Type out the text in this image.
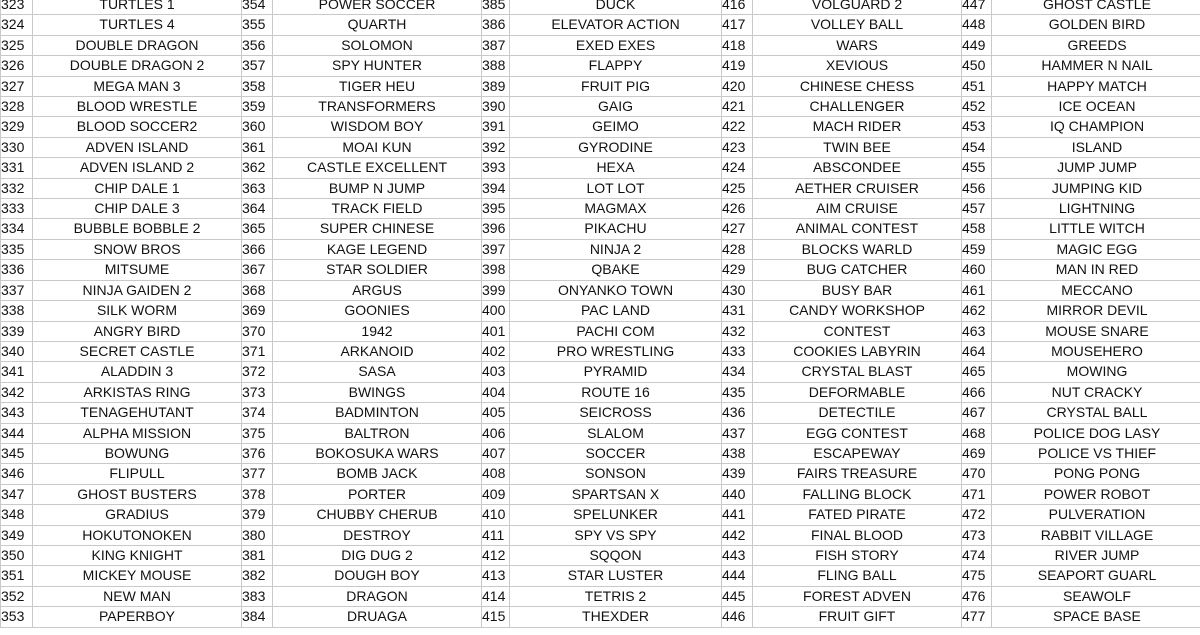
323	TURTLES 1	354	POWER SOCCER	385	DUCK	416	VOLGUARD 2	447	GHOST CASTLE
324	TURTLES 4	355	QUARTH	386	ELEVATOR ACTION	417	VOLLEY BALL	448	GOLDEN BIRD
325	DOUBLE DRAGON	356	SOLOMON	387	EXED EXES	418	WARS	449	GREEDS
326	DOUBLE DRAGON 2	357	SPY HUNTER	388	FLAPPY	419	XEVIOUS	450	HAMMER N NAIL
327	MEGA MAN 3	358	TIGER HEU	389	FRUIT PIG	420	CHINESE CHESS	451	HAPPY MATCH
328	BLOOD WRESTLE	359	TRANSFORMERS	390	GAIG	421	CHALLENGER	452	ICE OCEAN
329	BLOOD SOCCER2	360	WISDOM BOY	391	GEIMO	422	MACH RIDER	453	IQ CHAMPION
330	ADVEN ISLAND	361	MOAI KUN	392	GYRODINE	423	TWIN BEE	454	ISLAND
331	ADVEN ISLAND 2	362	CASTLE EXCELLENT	393	HEXA	424	ABSCONDEE	455	JUMP JUMP
332	CHIP DALE 1	363	BUMP N JUMP	394	LOT LOT	425	AETHER CRUISER	456	JUMPING KID
333	CHIP DALE 3	364	TRACK FIELD	395	MAGMAX	426	AIM CRUISE	457	LIGHTNING
334	BUBBLE BOBBLE 2	365	SUPER CHINESE	396	PIKACHU	427	ANIMAL CONTEST	458	LITTLE WITCH
335	SNOW BROS	366	KAGE LEGEND	397	NINJA 2	428	BLOCKS WARLD	459	MAGIC EGG
336	MITSUME	367	STAR SOLDIER	398	QBAKE	429	BUG CATCHER	460	MAN IN RED
337	NINJA GAIDEN 2	368	ARGUS	399	ONYANKO TOWN	430	BUSY BAR	461	MECCANO
338	SILK WORM	369	GOONIES	400	PAC LAND	431	CANDY WORKSHOP	462	MIRROR DEVIL
339	ANGRY BIRD	370	1942	401	PACHI COM	432	CONTEST	463	MOUSE SNARE
340	SECRET CASTLE	371	ARKANOID	402	PRO WRESTLING	433	COOKIES LABYRIN	464	MOUSEHERO
341	ALADDIN 3	372	SASA	403	PYRAMID	434	CRYSTAL BLAST	465	MOWING
342	ARKISTAS RING	373	BWINGS	404	ROUTE 16	435	DEFORMABLE	466	NUT CRACKY
343	TENAGEHUTANT	374	BADMINTON	405	SEICROSS	436	DETECTILE	467	CRYSTAL BALL
344	ALPHA MISSION	375	BALTRON	406	SLALOM	437	EGG CONTEST	468	POLICE DOG LASY
345	BOWUNG	376	BOKOSUKA WARS	407	SOCCER	438	ESCAPEWAY	469	POLICE VS THIEF
346	FLIPULL	377	BOMB JACK	408	SONSON	439	FAIRS TREASURE	470	PONG PONG
347	GHOST BUSTERS	378	PORTER	409	SPARTSAN X	440	FALLING BLOCK	471	POWER ROBOT
348	GRADIUS	379	CHUBBY CHERUB	410	SPELUNKER	441	FATED PIRATE	472	PULVERATION
349	HOKUTONOKEN	380	DESTROY	411	SPY VS SPY	442	FINAL BLOOD	473	RABBIT VILLAGE
350	KING KNIGHT	381	DIG DUG 2	412	SQQON	443	FISH STORY	474	RIVER JUMP
351	MICKEY MOUSE	382	DOUGH BOY	413	STAR LUSTER	444	FLING BALL	475	SEAPORT GUARL
352	NEW MAN	383	DRAGON	414	TETRIS 2	445	FOREST ADVEN	476	SEAWOLF
353	PAPERBOY	384	DRUAGA	415	THEXDER	446	FRUIT GIFT	477	SPACE BASE
